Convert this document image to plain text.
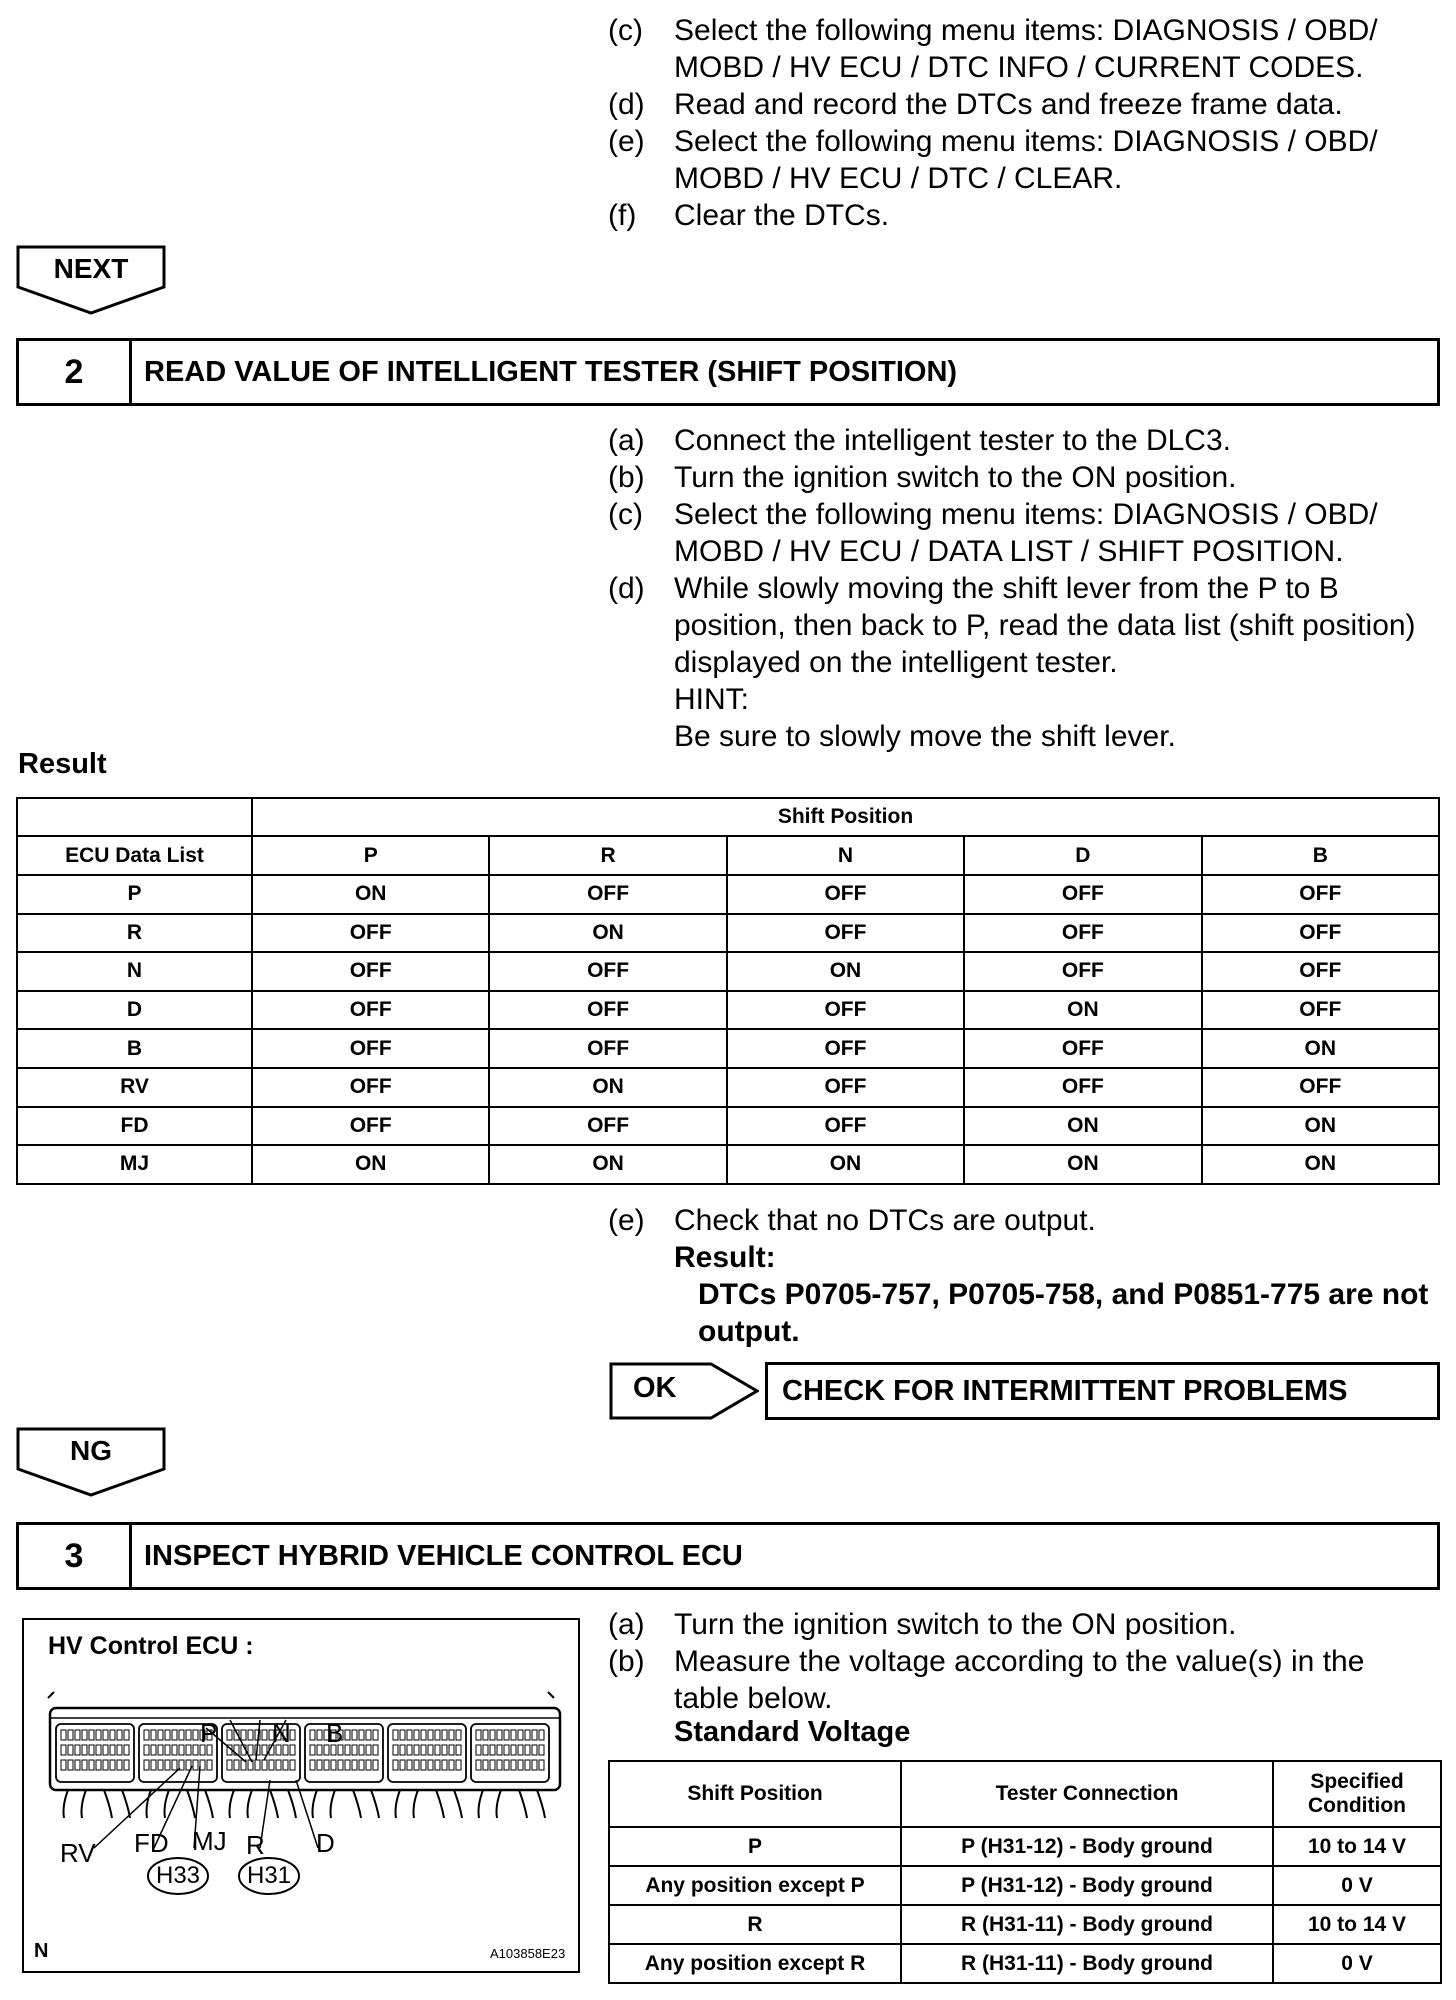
(c)	Select the following menu items: DIAGNOSIS / OBD/
MOBD / HV ECU / DTC INFO / CURRENT CODES.
(d) Read and record the DTCs and freeze frame data.
(e) Select the following menu items: DIAGNOSIS / OBD/
MOBD / HV ECU / DTC / CLEAR.
(f)	Clear the DTCs.
NEXT
2	READ VALUE OF INTELLIGENT TESTER (SHIFT POSITION)
(a) Connect the intelligent tester to the DLC3.
(b) Turn the ignition switch to the ON position.
(c)	Select the following menu items: DIAGNOSIS / OBD/
MOBD / HV ECU / DATA LIST / SHIFT POSITION.
(d) While slowly moving the shift lever from the P to B
position, then back to P, read the data list (shift position)
displayed on the intelligent tester.
HINT:
Be sure to slowly move the shift lever.
Result
	Shift Position				
ECU Data List	P	R	N	D	B
P	ON	OFF	OFF	OFF	OFF
R	OFF	ON	OFF	OFF	OFF
N	OFF	OFF	ON	OFF	OFF
D	OFF	OFF	OFF	ON	OFF
B	OFF	OFF	OFF	OFF	ON
RV	OFF	ON	OFF	OFF	OFF
FD	OFF	OFF	OFF	ON	ON
MJ	ON	ON	ON	ON	ON
(e) Check that no DTCs are output.
Result:
DTCs P0705-757, P0705-758, and P0851-775 are not
output.
OK	CHECK FOR INTERMITTENT PROBLEMS
NG
3	INSPECT HYBRID VEHICLE CONTROL ECU
HV Control ECU :
P N B
RV FD MJ R D
H33	H31
N	A103858E23
(a) Turn the ignition switch to the ON position.
(b) Measure the voltage according to the value(s) in the
table below.
Standard Voltage
Shift Position	Tester Connection	Specified Condition
P	P (H31-12) - Body ground	10 to 14 V
Any position except P	P (H31-12) - Body ground	0 V
R	R (H31-11) - Body ground	10 to 14 V
Any position except R	R (H31-11) - Body ground	0 V
